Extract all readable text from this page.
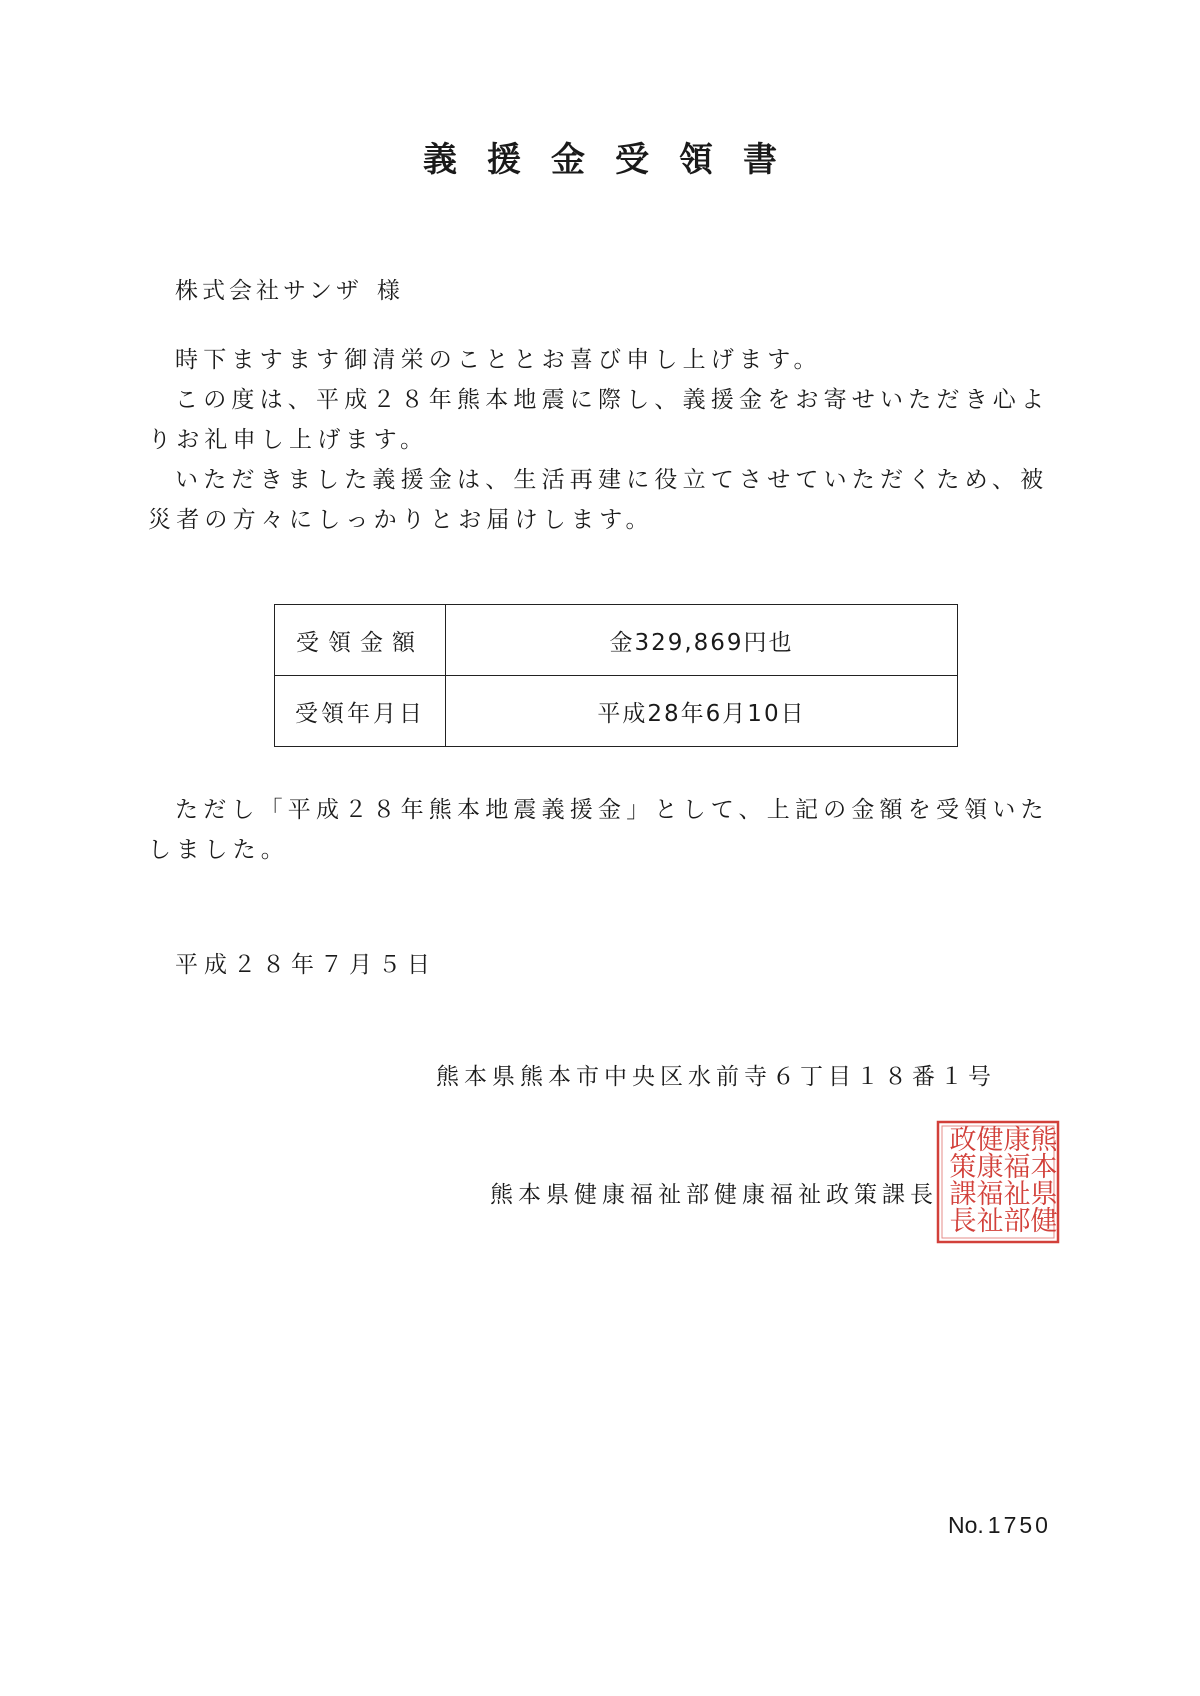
義援金受領書
株式会社サンザ 様

時下ますます御清栄のこととお喜び申し上げます。

この度は、平成２８年熊本地震に際し、義援金をお寄せいただき心よりお礼申し上げます。

いただきました義援金は、生活再建に役立てさせていただくため、被災者の方々にしっかりとお届けします。

受領金額	金329,869円也
受領年月日	平成28年6月10日

ただし「平成２８年熊本地震義援金」として、上記の金額を受領いたしました。

平成２８年７月５日
熊本県熊本市中央区水前寺６丁目１８番１号
熊本県健康福祉部健康福祉政策課長
熊
本
県
健
康
福
祉
部
健
康
福
祉
政
策
課
長
No. 1750
